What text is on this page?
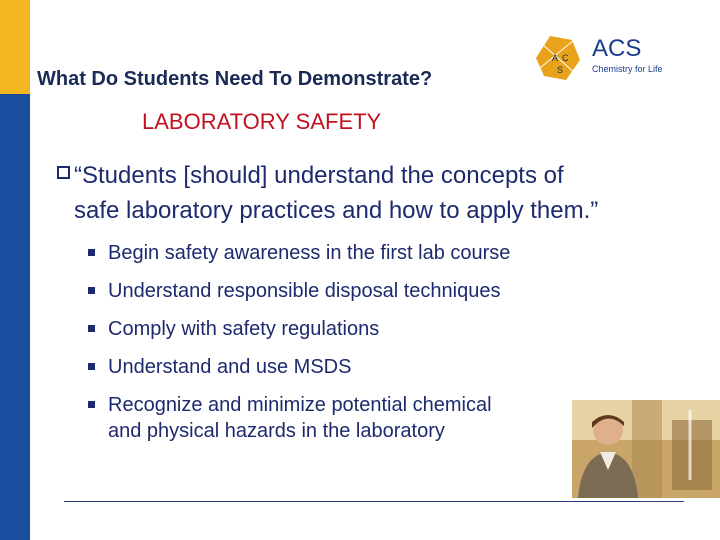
What Do Students Need To Demonstrate?
A C
S
ACS
Chemistry for Life
LABORATORY SAFETY
“Students [should] understand the concepts of
safe laboratory practices and how to apply them.”
Begin safety awareness in the first lab course
Understand responsible disposal techniques
Comply with safety regulations
Understand and use MSDS
Recognize and minimize potential chemical
and physical hazards in the laboratory
